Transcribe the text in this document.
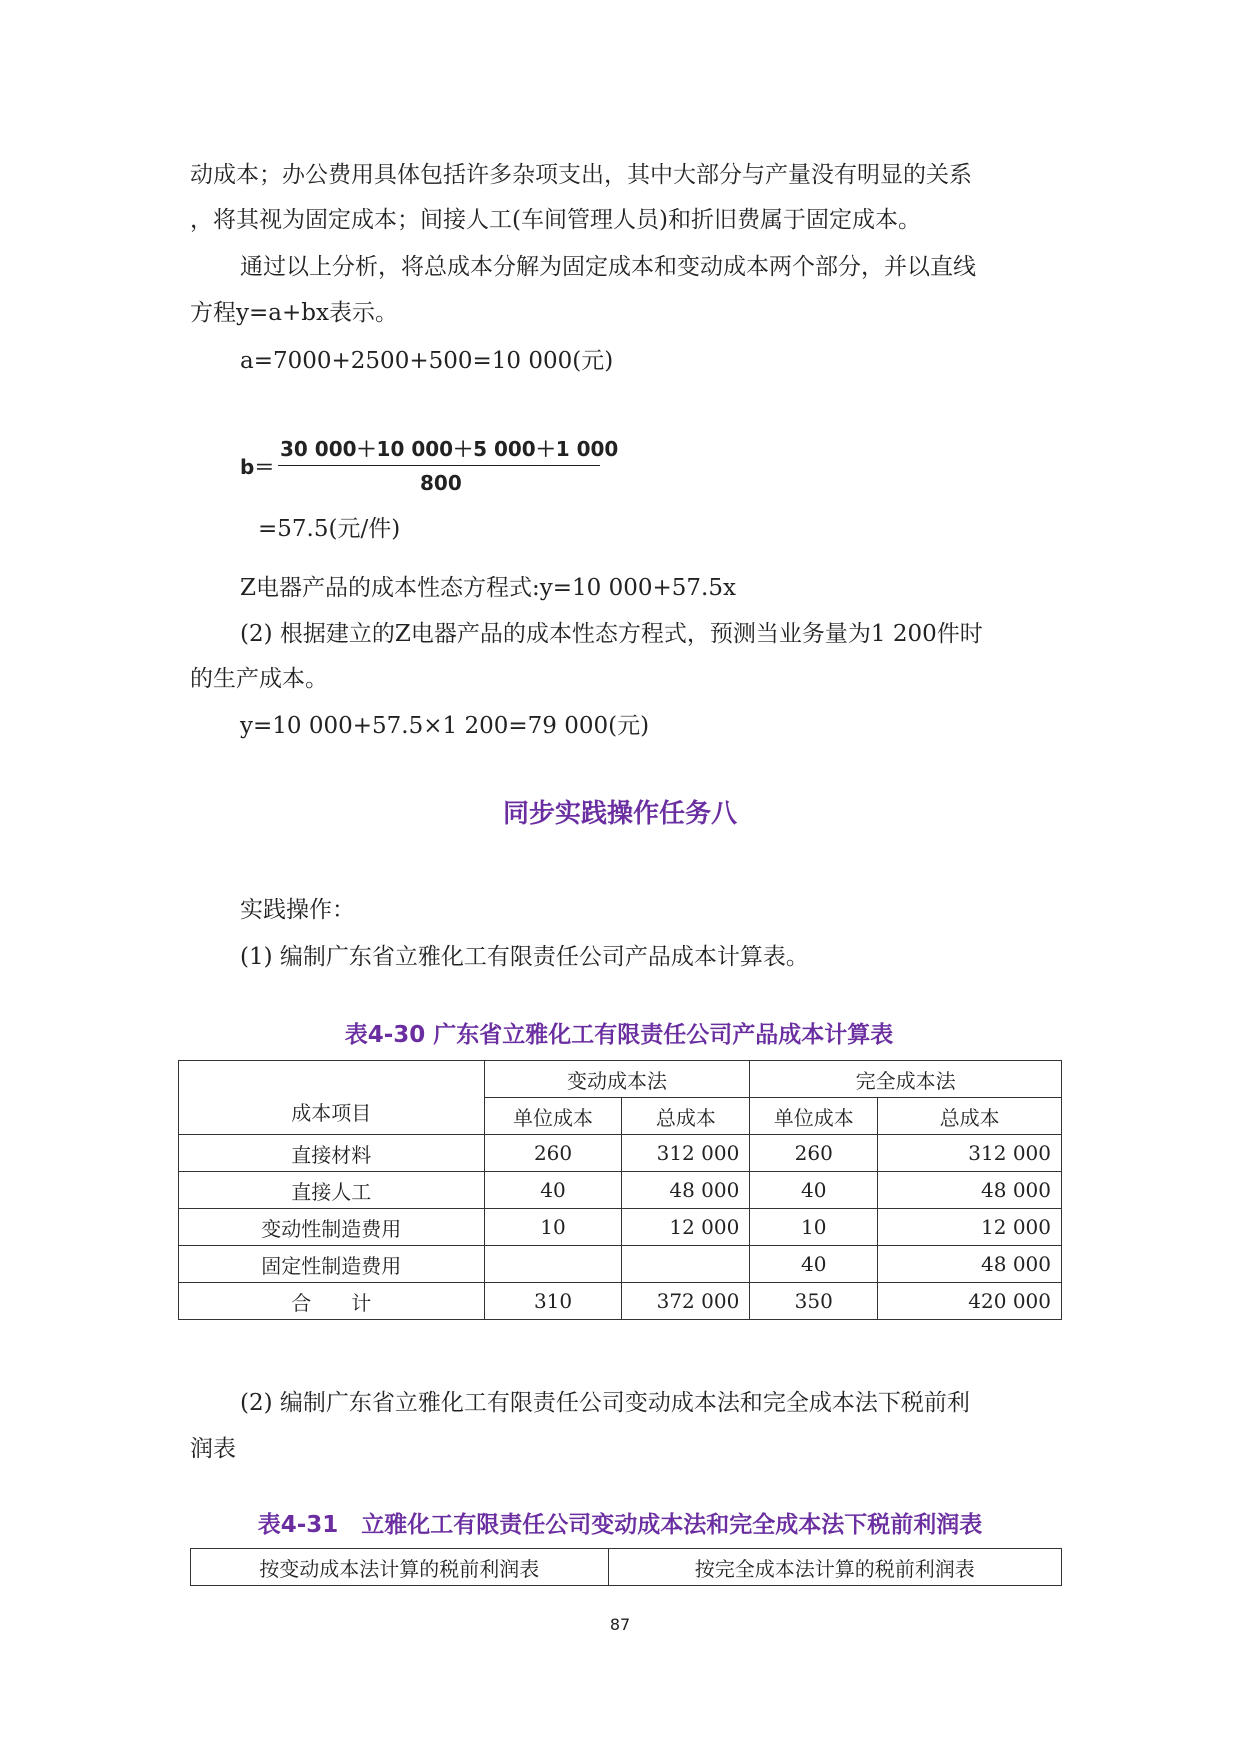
动成本；办公费用具体包括许多杂项支出，其中大部分与产量没有明显的关系
，将其视为固定成本；间接人工(车间管理人员)和折旧费属于固定成本。
通过以上分析，将总成本分解为固定成本和变动成本两个部分，并以直线
方程y=a+bx表示。
a=7000+2500+500=10 000(元)
b＝
30 000＋10 000＋5 000＋1 000
800
=57.5(元/件)
Z电器产品的成本性态方程式:y=10 000+57.5x
(2) 根据建立的Z电器产品的成本性态方程式，预测当业务量为1 200件时
的生产成本。
y=10 000+57.5×1 200=79 000(元)
同步实践操作任务八
实践操作：
(1) 编制广东省立雅化工有限责任公司产品成本计算表。
表4-30 广东省立雅化工有限责任公司产品成本计算表
成本项目	变动成本法		完全成本法	
	单位成本	总成本	单位成本	总成本
直接材料	260	312 000	260	312 000
直接人工	40	48 000	40	48 000
变动性制造费用	10	12 000	10	12 000
固定性制造费用			40	48 000
合　　计	310	372 000	350	420 000
(2) 编制广东省立雅化工有限责任公司变动成本法和完全成本法下税前利
润表
表4-31　立雅化工有限责任公司变动成本法和完全成本法下税前利润表
按变动成本法计算的税前利润表	按完全成本法计算的税前利润表
87
